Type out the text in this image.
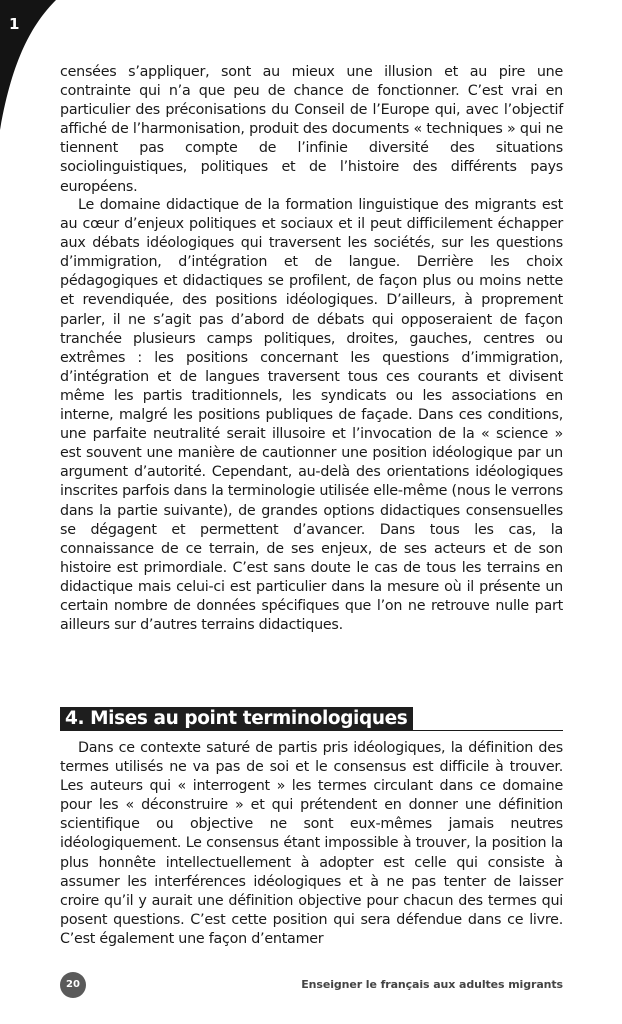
1

censées s’appliquer, sont au mieux une illusion et au pire une contrainte qui n’a que peu de chance de fonctionner. C’est vrai en particulier des préconisations du Conseil de l’Europe qui, avec l’objectif affiché de l’harmonisation, produit des documents « techniques » qui ne tiennent pas compte de l’infinie diversité des situations sociolinguistiques, politiques et de l’histoire des différents pays européens.

Le domaine didactique de la formation linguistique des migrants est au cœur d’enjeux politiques et sociaux et il peut difficilement échapper aux débats idéologiques qui traversent les sociétés, sur les questions d’immigration, d’intégration et de langue. Derrière les choix pédagogiques et didactiques se profilent, de façon plus ou moins nette et revendiquée, des positions idéologiques. D’ailleurs, à proprement parler, il ne s’agit pas d’abord de débats qui opposeraient de façon tranchée plusieurs camps politiques, droites, gauches, centres ou extrêmes : les positions concernant les questions d’immigration, d’intégration et de langues traversent tous ces courants et divisent même les partis traditionnels, les syndicats ou les associations en interne, malgré les positions publiques de façade. Dans ces conditions, une parfaite neutralité serait illusoire et l’invocation de la « science » est souvent une manière de cautionner une position idéologique par un argument d’autorité. Cependant, au-delà des orientations idéologiques inscrites parfois dans la terminologie utilisée elle-même (nous le verrons dans la partie suivante), de grandes options didactiques consensuelles se dégagent et permettent d’avancer. Dans tous les cas, la connaissance de ce terrain, de ses enjeux, de ses acteurs et de son histoire est primordiale. C’est sans doute le cas de tous les terrains en didactique mais celui-ci est particulier dans la mesure où il présente un certain nombre de données spécifiques que l’on ne retrouve nulle part ailleurs sur d’autres terrains didactiques.

4. Mises au point terminologiques

Dans ce contexte saturé de partis pris idéologiques, la définition des termes utilisés ne va pas de soi et le consensus est difficile à trouver. Les auteurs qui « interrogent » les termes circulant dans ce domaine pour les « déconstruire » et qui prétendent en donner une définition scientifique ou objective ne sont eux-mêmes jamais neutres idéologiquement. Le consensus étant impossible à trouver, la position la plus honnête intellectuellement à adopter est celle qui consiste à assumer les interférences idéologiques et à ne pas tenter de laisser croire qu’il y aurait une définition objective pour chacun des termes qui posent questions. C’est cette position qui sera défendue dans ce livre. C’est également une façon d’entamer

20	Enseigner le français aux adultes migrants
